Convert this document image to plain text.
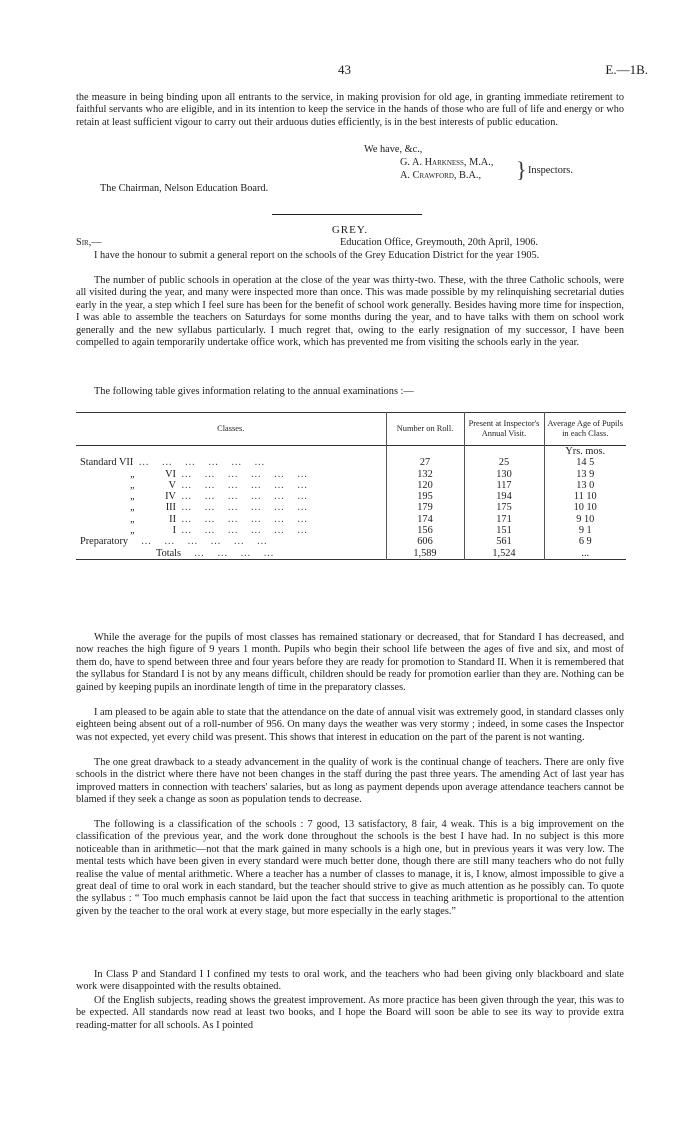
43	E.—1B.

the measure in being binding upon all entrants to the service, in making provision for old age, in granting immediate retirement to faithful servants who are eligible, and in its intention to keep the service in the hands of those who are full of life and energy or who retain at least sufficient vigour to carry out their arduous duties efficiently, is in the best interests of public education.

We have, &c.,
G. A. Harkness, M.A.,
A. Crawford, B.A., } Inspectors.
The Chairman, Nelson Education Board.
GREY.
Sir,—	Education Office, Greymouth, 20th April, 1906.

I have the honour to submit a general report on the schools of the Grey Education District for the year 1905.

The number of public schools in operation at the close of the year was thirty-two. These, with the three Catholic schools, were all visited during the year, and many were inspected more than once. This was made possible by my relinquishing secretarial duties early in the year, a step which I feel sure has been for the benefit of school work generally. Besides having more time for inspection, I was able to assemble the teachers on Saturdays for some months during the year, and to have talks with them on school work generally and the new syllabus particularly. I much regret that, owing to the early resignation of my successor, I have been compelled to again temporarily undertake office work, which has prevented me from visiting the schools early in the year.

The following table gives information relating to the annual examinations :—

Classes.	Number on Roll.	Present at Inspector's Annual Visit.	Average Age of Pupils in each Class.
			Yrs. mos.
Standard VII  …     …     …     …     …     …	27	25	14 5
„ VI  …     …     …     …     …     …	132	130	13 9
„ V  …     …     …     …     …     …	120	117	13 0
„ IV  …     …     …     …     …     …	195	194	11 10
„ III  …     …     …     …     …     …	179	175	10 10
„ II  …     …     …     …     …     …	174	171	9 10
„ I  …     …     …     …     …     …	156	151	9 1
Preparatory     …     …     …     …     …     …	606	561	6 9
Totals     …     …     …     …	1,589	1,524	...

While the average for the pupils of most classes has remained stationary or decreased, that for Standard I has decreased, and now reaches the high figure of 9 years 1 month. Pupils who begin their school life between the ages of five and six, and most of them do, have to spend between three and four years before they are ready for promotion to Standard II. When it is remembered that the syllabus for Standard I is not by any means difficult, children should be ready for promotion earlier than they are. Nothing can be gained by keeping pupils an inordinate length of time in the preparatory classes.

I am pleased to be again able to state that the attendance on the date of annual visit was extremely good, in standard classes only eighteen being absent out of a roll-number of 956. On many days the weather was very stormy ; indeed, in some cases the Inspector was not expected, yet every child was present. This shows that interest in education on the part of the parent is not wanting.

The one great drawback to a steady advancement in the quality of work is the continual change of teachers. There are only five schools in the district where there have not been changes in the staff during the past three years. The amending Act of last year has improved matters in connection with teachers' salaries, but as long as payment depends upon average attendance teachers cannot be blamed if they seek a change as soon as population tends to decrease.

The following is a classification of the schools : 7 good, 13 satisfactory, 8 fair, 4 weak. This is a big improvement on the classification of the previous year, and the work done throughout the schools is the best I have had. In no subject is this more noticeable than in arithmetic—not that the mark gained in many schools is a high one, but in previous years it was very low. The mental tests which have been given in every standard were much better done, though there are still many teachers who do not fully realise the value of mental arithmetic. Where a teacher has a number of classes to manage, it is, I know, almost impossible to give a great deal of time to oral work in each standard, but the teacher should strive to give as much attention as he possibly can. To quote the syllabus : “ Too much emphasis cannot be laid upon the fact that success in teaching arithmetic is proportional to the attention given by the teacher to the oral work at every stage, but more especially in the early stages.”

In Class P and Standard I I confined my tests to oral work, and the teachers who had been giving only blackboard and slate work were disappointed with the results obtained.

Of the English subjects, reading shows the greatest improvement. As more practice has been given through the year, this was to be expected. All standards now read at least two books, and I hope the Board will soon be able to see its way to provide extra reading-matter for all schools. As I pointed
